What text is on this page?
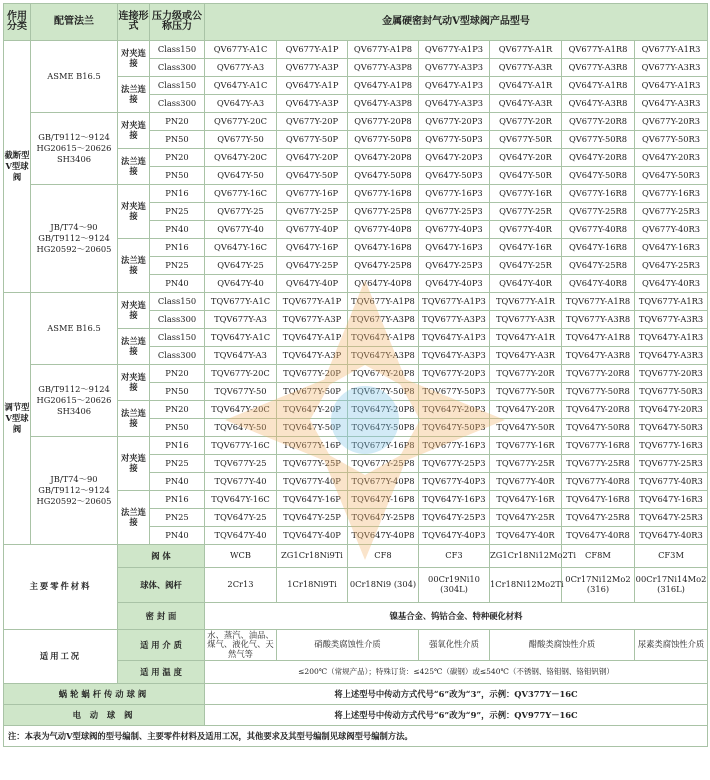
作用分类	配管法兰	连接形式	压力级或公称压力	金属硬密封气动V型球阀产品型号						
截断型V型球阀	ASME B16.5	对夹连接	Class150	QV677Y-A1C	QV677Y-A1P	QV677Y-A1P8	QV677Y-A1P3	QV677Y-A1R	QV677Y-A1R8	QV677Y-A1R3
			Class300	QV677Y-A3	QV677Y-A3P	QV677Y-A3P8	QV677Y-A3P3	QV677Y-A3R	QV677Y-A3R8	QV677Y-A3R3
		法兰连接	Class150	QV647Y-A1C	QV647Y-A1P	QV647Y-A1P8	QV647Y-A1P3	QV647Y-A1R	QV647Y-A1R8	QV647Y-A1R3
			Class300	QV647Y-A3	QV647Y-A3P	QV647Y-A3P8	QV647Y-A3P3	QV647Y-A3R	QV647Y-A3R8	QV647Y-A3R3
	GB/T9112～9124 HG20615～20626 SH3406	对夹连接	PN20	QV677Y-20C	QV677Y-20P	QV677Y-20P8	QV677Y-20P3	QV677Y-20R	QV677Y-20R8	QV677Y-20R3
			PN50	QV677Y-50	QV677Y-50P	QV677Y-50P8	QV677Y-50P3	QV677Y-50R	QV677Y-50R8	QV677Y-50R3
		法兰连接	PN20	QV647Y-20C	QV647Y-20P	QV647Y-20P8	QV647Y-20P3	QV647Y-20R	QV647Y-20R8	QV647Y-20R3
			PN50	QV647Y-50	QV647Y-50P	QV647Y-50P8	QV647Y-50P3	QV647Y-50R	QV647Y-50R8	QV647Y-50R3
	JB/T74～90 GB/T9112～9124 HG20592～20605	对夹连接	PN16	QV677Y-16C	QV677Y-16P	QV677Y-16P8	QV677Y-16P3	QV677Y-16R	QV677Y-16R8	QV677Y-16R3
			PN25	QV677Y-25	QV677Y-25P	QV677Y-25P8	QV677Y-25P3	QV677Y-25R	QV677Y-25R8	QV677Y-25R3
			PN40	QV677Y-40	QV677Y-40P	QV677Y-40P8	QV677Y-40P3	QV677Y-40R	QV677Y-40R8	QV677Y-40R3
		法兰连接	PN16	QV647Y-16C	QV647Y-16P	QV647Y-16P8	QV647Y-16P3	QV647Y-16R	QV647Y-16R8	QV647Y-16R3
			PN25	QV647Y-25	QV647Y-25P	QV647Y-25P8	QV647Y-25P3	QV647Y-25R	QV647Y-25R8	QV647Y-25R3
			PN40	QV647Y-40	QV647Y-40P	QV647Y-40P8	QV647Y-40P3	QV647Y-40R	QV647Y-40R8	QV647Y-40R3
调节型V型球阀	ASME B16.5	对夹连接	Class150	TQV677Y-A1C	TQV677Y-A1P	TQV677Y-A1P8	TQV677Y-A1P3	TQV677Y-A1R	TQV677Y-A1R8	TQV677Y-A1R3
			Class300	TQV677Y-A3	TQV677Y-A3P	TQV677Y-A3P8	TQV677Y-A3P3	TQV677Y-A3R	TQV677Y-A3R8	TQV677Y-A3R3
		法兰连接	Class150	TQV647Y-A1C	TQV647Y-A1P	TQV647Y-A1P8	TQV647Y-A1P3	TQV647Y-A1R	TQV647Y-A1R8	TQV647Y-A1R3
			Class300	TQV647Y-A3	TQV647Y-A3P	TQV647Y-A3P8	TQV647Y-A3P3	TQV647Y-A3R	TQV647Y-A3R8	TQV647Y-A3R3
	GB/T9112～9124 HG20615～20626 SH3406	对夹连接	PN20	TQV677Y-20C	TQV677Y-20P	TQV677Y-20P8	TQV677Y-20P3	TQV677Y-20R	TQV677Y-20R8	TQV677Y-20R3
			PN50	TQV677Y-50	TQV677Y-50P	TQV677Y-50P8	TQV677Y-50P3	TQV677Y-50R	TQV677Y-50R8	TQV677Y-50R3
		法兰连接	PN20	TQV647Y-20C	TQV647Y-20P	TQV647Y-20P8	TQV647Y-20P3	TQV647Y-20R	TQV647Y-20R8	TQV647Y-20R3
			PN50	TQV647Y-50	TQV647Y-50P	TQV647Y-50P8	TQV647Y-50P3	TQV647Y-50R	TQV647Y-50R8	TQV647Y-50R3
	JB/T74～90 GB/T9112～9124 HG20592～20605	对夹连接	PN16	TQV677Y-16C	TQV677Y-16P	TQV677Y-16P8	TQV677Y-16P3	TQV677Y-16R	TQV677Y-16R8	TQV677Y-16R3
			PN25	TQV677Y-25	TQV677Y-25P	TQV677Y-25P8	TQV677Y-25P3	TQV677Y-25R	TQV677Y-25R8	TQV677Y-25R3
			PN40	TQV677Y-40	TQV677Y-40P	TQV677Y-40P8	TQV677Y-40P3	TQV677Y-40R	TQV677Y-40R8	TQV677Y-40R3
		法兰连接	PN16	TQV647Y-16C	TQV647Y-16P	TQV647Y-16P8	TQV647Y-16P3	TQV647Y-16R	TQV647Y-16R8	TQV647Y-16R3
			PN25	TQV647Y-25	TQV647Y-25P	TQV647Y-25P8	TQV647Y-25P3	TQV647Y-25R	TQV647Y-25R8	TQV647Y-25R3
			PN40	TQV647Y-40	TQV647Y-40P	TQV647Y-40P8	TQV647Y-40P3	TQV647Y-40R	TQV647Y-40R8	TQV647Y-40R3
主要零件材料		阀 体		WCB	ZG1Cr18Ni9Ti	CF8	CF3	ZG1Cr18Ni12Mo2Ti	CF8M	CF3M
		球体、阀杆		2Cr13	1Cr18Ni9Ti	0Cr18Ni9 (304)	00Cr19Ni10 (304L)	1Cr18Ni12Mo2Ti	0Cr17Ni12Mo2 (316)	00Cr17Ni14Mo2 (316L)
		密 封 面		镍基合金、钨钴合金、特种硬化材料						
适用工况		适 用 介 质		水、蒸汽、油品、煤气、液化气、天然气等	硝酸类腐蚀性介质		强氧化性介质	醋酸类腐蚀性介质		尿素类腐蚀性介质
		适 用 温 度		≤200℃（常规产品）；特殊订货：≤425℃（碳钢）或≤540℃（不锈钢、铬钼钢、铬钼钒钢）						
蜗轮蜗杆传动球阀				将上述型号中传动方式代号“6”改为“3”，示例：QV377Y－16C						
电 动 球 阀				将上述型号中传动方式代号“6”改为“9”，示例：QV977Y－16C						
注：本表为气动V型球阀的型号编制、主要零件材料及适用工况，其他要求及其型号编制见球阀型号编制方法。										
